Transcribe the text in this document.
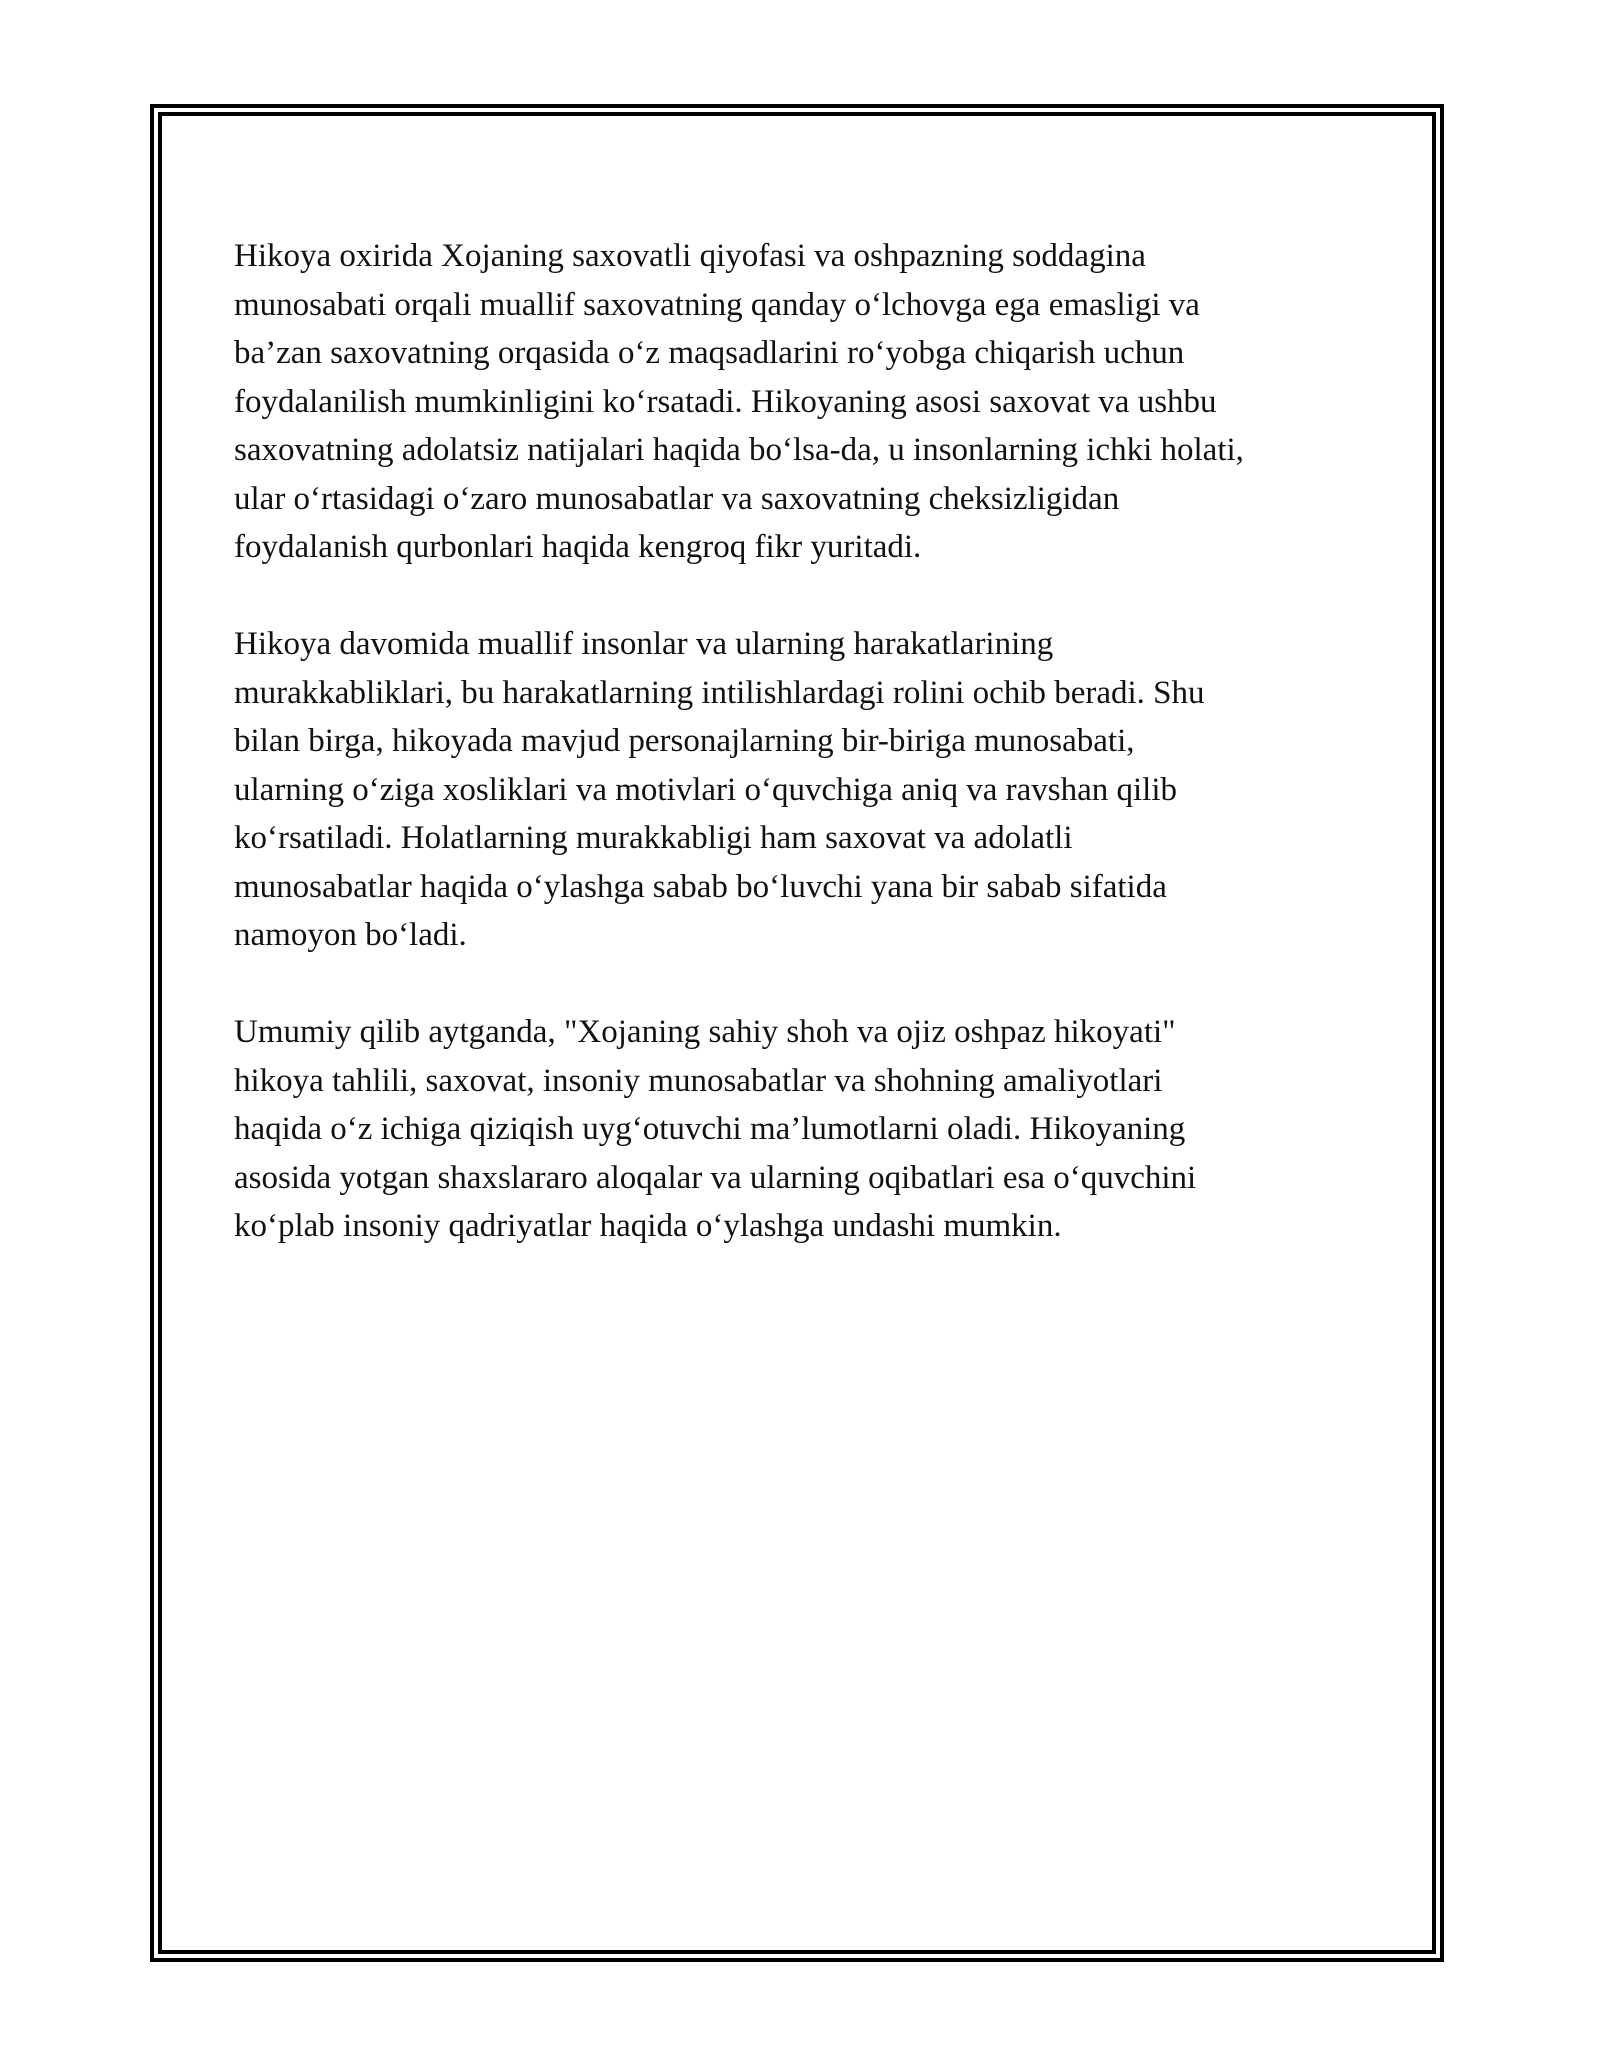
Hikoya oxirida Xojaning saxovatli qiyofasi va oshpazning soddagina
munosabati orqali muallif saxovatning qanday o‘lchovga ega emasligi va
ba’zan saxovatning orqasida o‘z maqsadlarini ro‘yobga chiqarish uchun
foydalanilish mumkinligini ko‘rsatadi. Hikoyaning asosi saxovat va ushbu
saxovatning adolatsiz natijalari haqida bo‘lsa-da, u insonlarning ichki holati,
ular o‘rtasidagi o‘zaro munosabatlar va saxovatning cheksizligidan
foydalanish qurbonlari haqida kengroq fikr yuritadi.

Hikoya davomida muallif insonlar va ularning harakatlarining
murakkabliklari, bu harakatlarning intilishlardagi rolini ochib beradi. Shu
bilan birga, hikoyada mavjud personajlarning bir-biriga munosabati,
ularning o‘ziga xosliklari va motivlari o‘quvchiga aniq va ravshan qilib
ko‘rsatiladi. Holatlarning murakkabligi ham saxovat va adolatli
munosabatlar haqida o‘ylashga sabab bo‘luvchi yana bir sabab sifatida
namoyon bo‘ladi.

Umumiy qilib aytganda, "Xojaning sahiy shoh va ojiz oshpaz hikoyati"
hikoya tahlili, saxovat, insoniy munosabatlar va shohning amaliyotlari
haqida o‘z ichiga qiziqish uyg‘otuvchi ma’lumotlarni oladi. Hikoyaning
asosida yotgan shaxslararo aloqalar va ularning oqibatlari esa o‘quvchini
ko‘plab insoniy qadriyatlar haqida o‘ylashga undashi mumkin.
